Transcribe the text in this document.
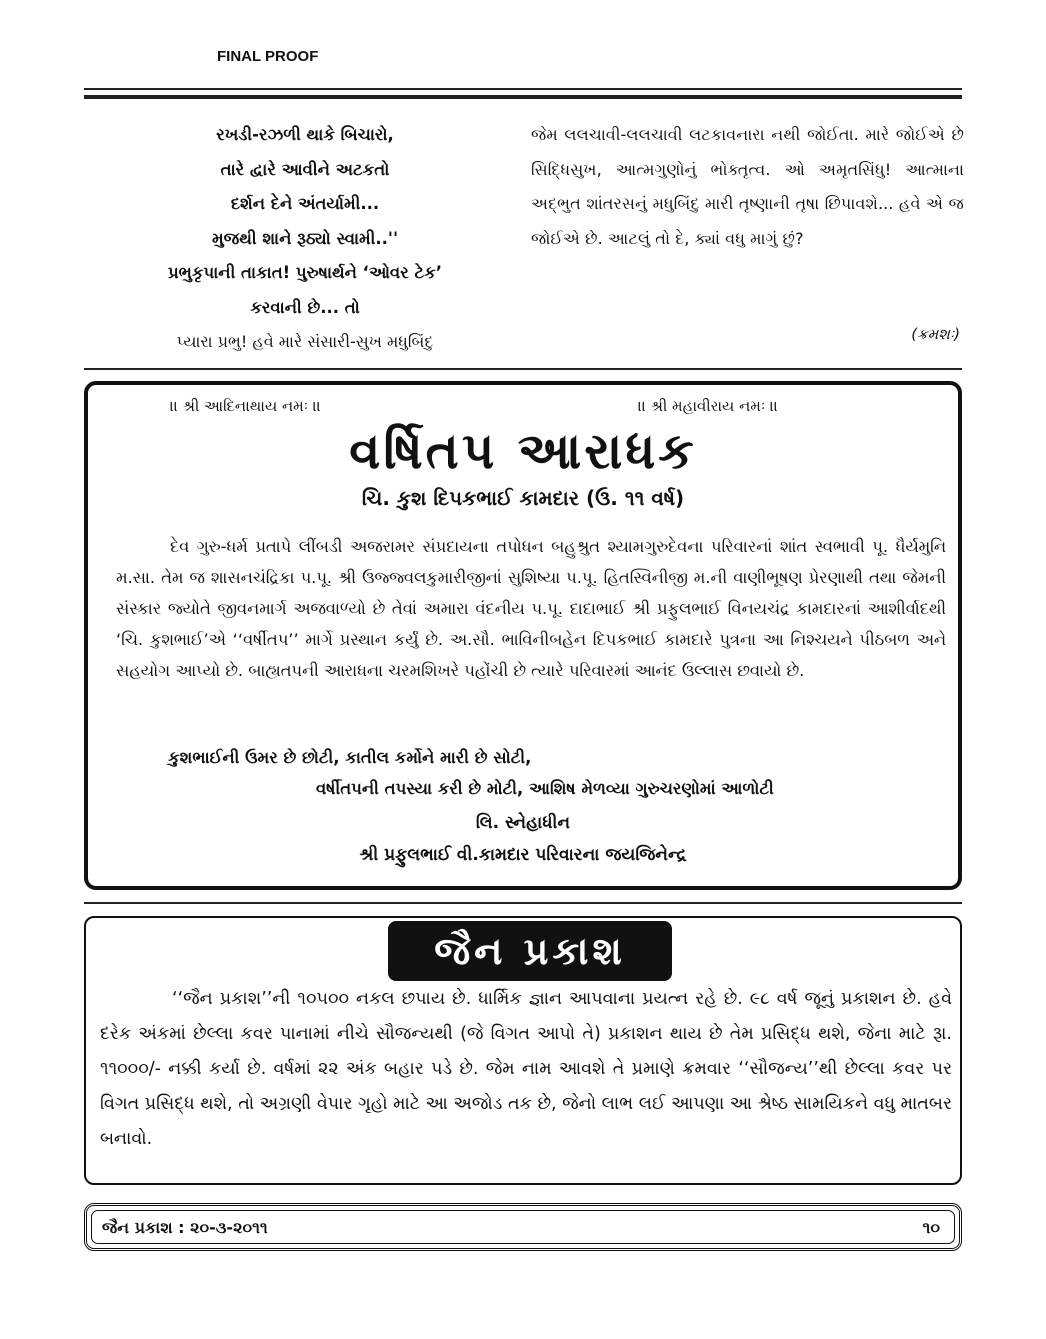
FINAL PROOF
રખડી-રઝળી થાકે બિચારો,
તારે દ્વારે આવીને અટકતો
દર્શન દેને અંતર્યામી...
મુજથી શાને રૂઠ્યો સ્વામી..''
પ્રભુકૃપાની તાકાત! પુરુષાર્થને ‘ઓવર ટેક’
કરવાની છે... તો
પ્યારા પ્રભુ! હવે મારે સંસારી-સુખ મધુબિંદુ
જેમ લલચાવી-લલચાવી લટકાવનારા નથી જોઈતા. મારે જોઈએ છે સિદ્ધિસુખ, આત્મગુણોનું ભોક્તૃત્વ. ઓ અમૃતસિંધુ! આત્માના અદ્ભુત શાંતરસનું મધુબિંદુ મારી તૃષ્ણાની તૃષા છિપાવશે... હવે એ જ જોઈએ છે. આટલું તો દે, ક્યાં વધુ માગું છું?
(ક્રમશઃ)
।। શ્રી આદિનાથાય નમઃ ।।	।। શ્રી મહાવીરાય નમઃ ।।
વર્ષિતપ આરાધક
ચિ. કુશ દિપકભાઈ કામદાર (ઉ. ૧૧ વર્ષ)
દેવ ગુરુ-ધર્મ પ્રતાપે લીંબડી અજરામર સંપ્રદાયના તપોધન બહુશ્રુત શ્યામગુરુદેવના પરિવારનાં શાંત સ્વભાવી પૂ. ધૈર્યમુનિ મ.સા. તેમ જ શાસનચંદ્રિકા પ.પૂ. શ્રી ઉજ્જ્વલકુમારીજીનાં સુશિષ્યા પ.પૂ. હિતસ્વિનીજી મ.ની વાણીભૂષણ પ્રેરણાથી તથા જેમની સંસ્કાર જ્યોતે જીવનમાર્ગ અજવાળ્યો છે તેવાં અમારા વંદનીય પ.પૂ. દાદાભાઈ શ્રી પ્રફુલભાઈ વિનયચંદ્ર કામદારનાં આશીર્વાદથી ‘ચિ. કુશભાઈ’એ ‘‘વર્ષીતપ’’ માર્ગે પ્રસ્થાન કર્યું છે. અ.સૌ. ભાવિનીબહેન દિપકભાઈ કામદારે પુત્રના આ નિશ્ચયને પીઠબળ અને સહયોગ આપ્યો છે. બાહ્યતપની આરાધના ચરમશિખરે પહોંચી છે ત્યારે પરિવારમાં આનંદ ઉલ્લાસ છવાયો છે.
કુશભાઈની ઉમર છે છોટી, કાતીલ કર્મોને મારી છે સોટી,
વર્ષીતપની તપસ્યા કરી છે મોટી, આશિષ મેળવ્યા ગુરુચરણોમાં આળોટી
લિ. સ્નેહાધીન
શ્રી પ્રફુલભાઈ વી.કામદાર પરિવારના જયજિનેન્દ્ર
જૈન પ્રકાશ
‘‘જૈન પ્રકાશ’’ની ૧૦૫૦૦ નકલ છપાય છે. ધાર્મિક જ્ઞાન આપવાના પ્રયત્ન રહે છે. ૯૮ વર્ષ જૂનું પ્રકાશન છે. હવે દરેક અંકમાં છેલ્લા કવર પાનામાં નીચે સૌજન્યથી (જે વિગત આપો તે) પ્રકાશન થાય છે તેમ પ્રસિદ્ધ થશે, જેના માટે રૂા. ૧૧૦૦૦/- નક્કી કર્યા છે. વર્ષમાં ૨૨ અંક બહાર પડે છે. જેમ નામ આવશે તે પ્રમાણે ક્રમવાર ‘‘સૌજન્ય’’થી છેલ્લા કવર પર વિગત પ્રસિદ્ધ થશે, તો અગ્રણી વેપાર ગૃહો માટે આ અજોડ તક છે, જેનો લાભ લઈ આપણા આ શ્રેષ્ઠ સામયિકને વધુ માતબર બનાવો.
જૈન પ્રકાશ : ૨૦-૩-૨૦૧૧	૧૦
